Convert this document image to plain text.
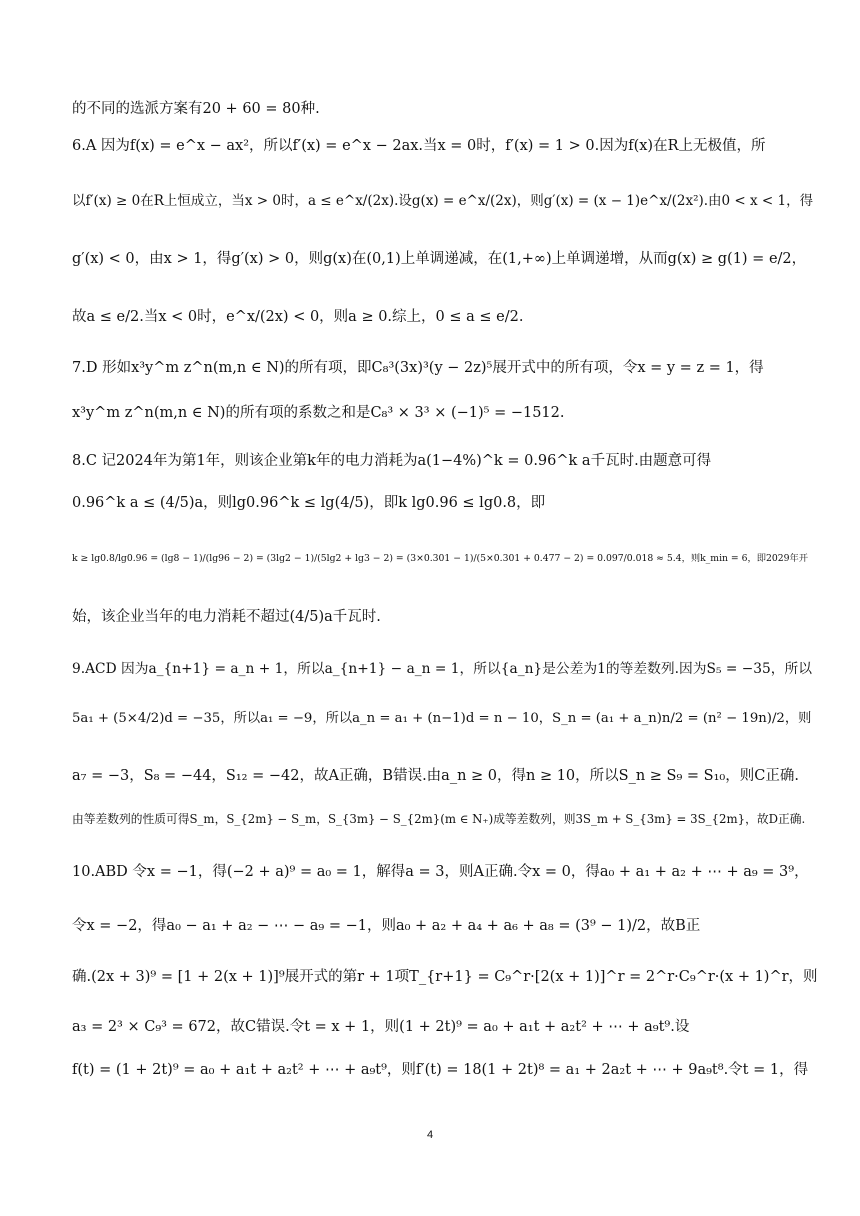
的不同的选派方案有20 + 60 = 80种.
6.A 因为f(x) = e^x − ax²，所以f′(x) = e^x − 2ax.当x = 0时，f′(x) = 1 > 0.因为f(x)在R上无极值，所
以f′(x) ≥ 0在R上恒成立，当x > 0时，a ≤ e^x/(2x).设g(x) = e^x/(2x)，则g′(x) = (x − 1)e^x/(2x²).由0 < x < 1，得
g′(x) < 0，由x > 1，得g′(x) > 0，则g(x)在(0,1)上单调递减，在(1,+∞)上单调递增，从而g(x) ≥ g(1) = e/2，
故a ≤ e/2.当x < 0时，e^x/(2x) < 0，则a ≥ 0.综上，0 ≤ a ≤ e/2.
7.D 形如x³y^m z^n(m,n ∈ N)的所有项，即C₈³(3x)³(y − 2z)⁵展开式中的所有项，令x = y = z = 1，得
x³y^m z^n(m,n ∈ N)的所有项的系数之和是C₈³ × 3³ × (−1)⁵ = −1512.
8.C 记2024年为第1年，则该企业第k年的电力消耗为a(1−4%)^k = 0.96^k a千瓦时.由题意可得
0.96^k a ≤ (4/5)a，则lg0.96^k ≤ lg(4/5)，即k lg0.96 ≤ lg0.8，即
k ≥ lg0.8/lg0.96 = (lg8 − 1)/(lg96 − 2) = (3lg2 − 1)/(5lg2 + lg3 − 2) = (3×0.301 − 1)/(5×0.301 + 0.477 − 2) = 0.097/0.018 ≈ 5.4，则k_min = 6，即2029年开
始，该企业当年的电力消耗不超过(4/5)a千瓦时.
9.ACD 因为a_{n+1} = a_n + 1，所以a_{n+1} − a_n = 1，所以{a_n}是公差为1的等差数列.因为S₅ = −35，所以
5a₁ + (5×4/2)d = −35，所以a₁ = −9，所以a_n = a₁ + (n−1)d = n − 10，S_n = (a₁ + a_n)n/2 = (n² − 19n)/2，则
a₇ = −3，S₈ = −44，S₁₂ = −42，故A正确，B错误.由a_n ≥ 0，得n ≥ 10，所以S_n ≥ S₉ = S₁₀，则C正确.
由等差数列的性质可得S_m，S_{2m} − S_m，S_{3m} − S_{2m}(m ∈ N₊)成等差数列，则3S_m + S_{3m} = 3S_{2m}，故D正确.
10.ABD 令x = −1，得(−2 + a)⁹ = a₀ = 1，解得a = 3，则A正确.令x = 0，得a₀ + a₁ + a₂ + ⋯ + a₉ = 3⁹，
令x = −2，得a₀ − a₁ + a₂ − ⋯ − a₉ = −1，则a₀ + a₂ + a₄ + a₆ + a₈ = (3⁹ − 1)/2，故B正
确.(2x + 3)⁹ = [1 + 2(x + 1)]⁹展开式的第r + 1项T_{r+1} = C₉^r·[2(x + 1)]^r = 2^r·C₉^r·(x + 1)^r，则
a₃ = 2³ × C₉³ = 672，故C错误.令t = x + 1，则(1 + 2t)⁹ = a₀ + a₁t + a₂t² + ⋯ + a₉t⁹.设
f(t) = (1 + 2t)⁹ = a₀ + a₁t + a₂t² + ⋯ + a₉t⁹，则f′(t) = 18(1 + 2t)⁸ = a₁ + 2a₂t + ⋯ + 9a₉t⁸.令t = 1，得
4
